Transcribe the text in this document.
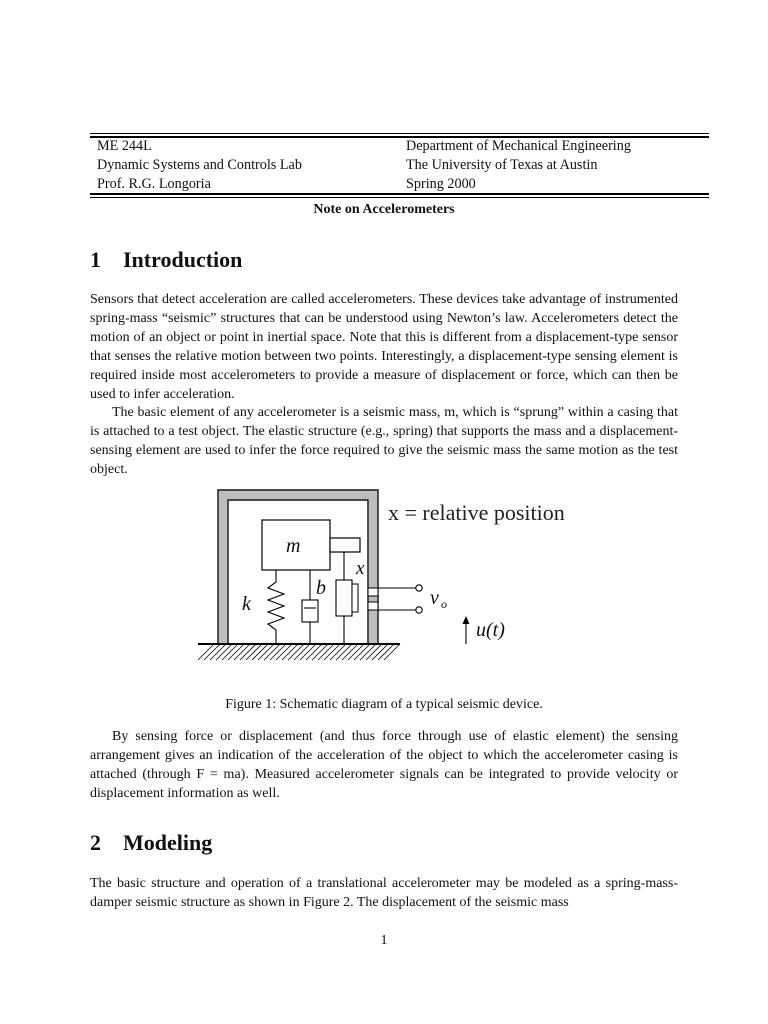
ME 244L
Dynamic Systems and Controls Lab
Prof. R.G. Longoria
Department of Mechanical Engineering
The University of Texas at Austin
Spring 2000
Note on Accelerometers
1 Introduction

Sensors that detect acceleration are called accelerometers. These devices take advantage of instrumented spring-mass “seismic” structures that can be understood using Newton’s law. Accelerometers detect the motion of an object or point in inertial space. Note that this is different from a displacement-type sensor that senses the relative motion between two points. Interestingly, a displacement-type sensing element is required inside most accelerometers to provide a measure of displacement or force, which can then be used to infer acceleration.

The basic element of any accelerometer is a seismic mass, m, which is “sprung” within a casing that is attached to a test object. The elastic structure (e.g., spring) that supports the mass and a displacement-sensing element are used to infer the force required to give the seismic mass the same motion as the test object.

m
k
b
x
x = relative position
v o
u(t)
Figure 1: Schematic diagram of a typical seismic device.

By sensing force or displacement (and thus force through use of elastic element) the sensing arrangement gives an indication of the acceleration of the object to which the accelerometer casing is attached (through F = ma). Measured accelerometer signals can be integrated to provide velocity or displacement information as well.

2 Modeling

The basic structure and operation of a translational accelerometer may be modeled as a spring-mass-damper seismic structure as shown in Figure 2. The displacement of the seismic mass

1
